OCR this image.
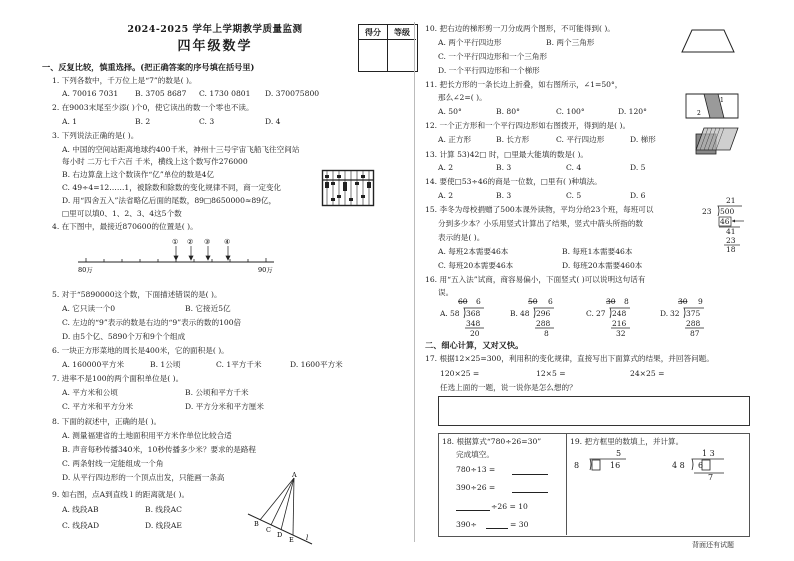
2024-2025 学年上学期教学质量监测
四年级数学
得分	等级
一、反复比较，慎重选择。(把正确答案的序号填在括号里)
1. 下列各数中，千万位上是“7”的数是( )。
A. 70016 7031 B. 3705 8687 C. 1730 0801 D. 370075800
2. 在9003末尾至少添( )个0，使它读出的数一个零也不读。
A. 1	B. 2	C. 3	D. 4
3. 下列说法正确的是( )。
A. 中国的空间站距离地球约400千米，神州十三号宇宙飞船飞往空间站
每小时 二万七千六百 千米，横线上这个数写作276000
B. 右边算盘上这个数读作“亿”单位的数是4亿
C. 49÷4=12……1，被除数和除数的变化规律不同，商一定变化
D. 用“四舍五入”法省略亿后面的尾数，89□8650000≈89亿，
□里可以填0、1、2、3、4这5个数
4. 在下图中，最接近870600的位置是( )。
① ② ③ ④
80万	90万
5. 对于“5890000这个数，下面描述错误的是( )。
A. 它只读一个0	B. 它接近5亿
C. 左边的“9”表示的数是右边的“9”表示的数的100倍
D. 由5个亿、5890个万和9个个组成
6. 一块正方形菜地的周长是400米，它的面积是( )。
A. 160000平方米	B. 1公顷	C. 1平方千米	D. 1600平方米
7. 进率不是100的两个面积单位是( )。
A. 平方米和公顷	B. 公顷和平方千米
C. 平方米和平方分米	D. 平方分米和平方厘米
8. 下面的叙述中，正确的是( )。
A. 测量福建省的土地面积用平方米作单位比较合适
B. 声音每秒传播340米，10秒传播多少米？要求的是路程
C. 两条射线一定能组成一个角
D. 从平行四边形的一个顶点出发，只能画一条高
9. 如右图，点A到直线 l 的距离就是( )。
A. 线段AB	B. 线段AC
C. 线段AD	D. 线段AE
A
B
C
D
E l
10. 把右边的梯形剪一刀分成两个图形，不可能得到( )。
A. 两个平行四边形	B. 两个三角形
C. 一个平行四边形和一个三角形
D. 一个平行四边形和一个梯形
11. 把长方形的一条长边上折叠，如右图所示，∠1=50°，
那么∠2=( )。
A. 50°	B. 80°	C. 100°	D. 120°
1
2
12. 一个正方形和一个平行四边形如右图拨开，得到的是( )。
A. 正方形	B. 长方形	C. 平行四边形	D. 梯形
13. 计算 53)42□ 时，□里最大能填的数是( )。
A. 2	B. 3	C. 4	D. 5
14. 要使□53÷46的商是一位数，□里有( )种填法。
A. 2	B. 3	C. 5	D. 6
15. 李冬为母校捐赠了500本课外读物，平均分给23个班，每班可以
分到多少本？小乐用竖式计算出了结果，竖式中箭头所指的数
表示的是( )。
A. 每班2本需要46本	B. 每班1本需要46本
C. 每班20本需要46本	D. 每班20本需要460本
21
23 500
46
41
23
18
16. 用“五入法”试商，商容易偏小，下面竖式( )可以说明这句话有
误。
60 6
A. 58 368
348
20
50 6
B. 48 296
288
8
30 8
C. 27 248
216
32
30 9
D. 32 375
288
87
二、细心计算，又对又快。
17. 根据12×25=300，利用积的变化规律，直接写出下面算式的结果，并回答问题。
120×25 =	12×5 =	24×25 =
任选上面的一题，说一说你是怎么想的？
18. 根据算式“780÷26=30”
完成填空。
780÷13 =
390÷26 =
÷26 = 10
390÷	= 30
19. 把方框里的数填上，并计算。
5
8	16
1 3
4 8 6
7
背面还有试题
